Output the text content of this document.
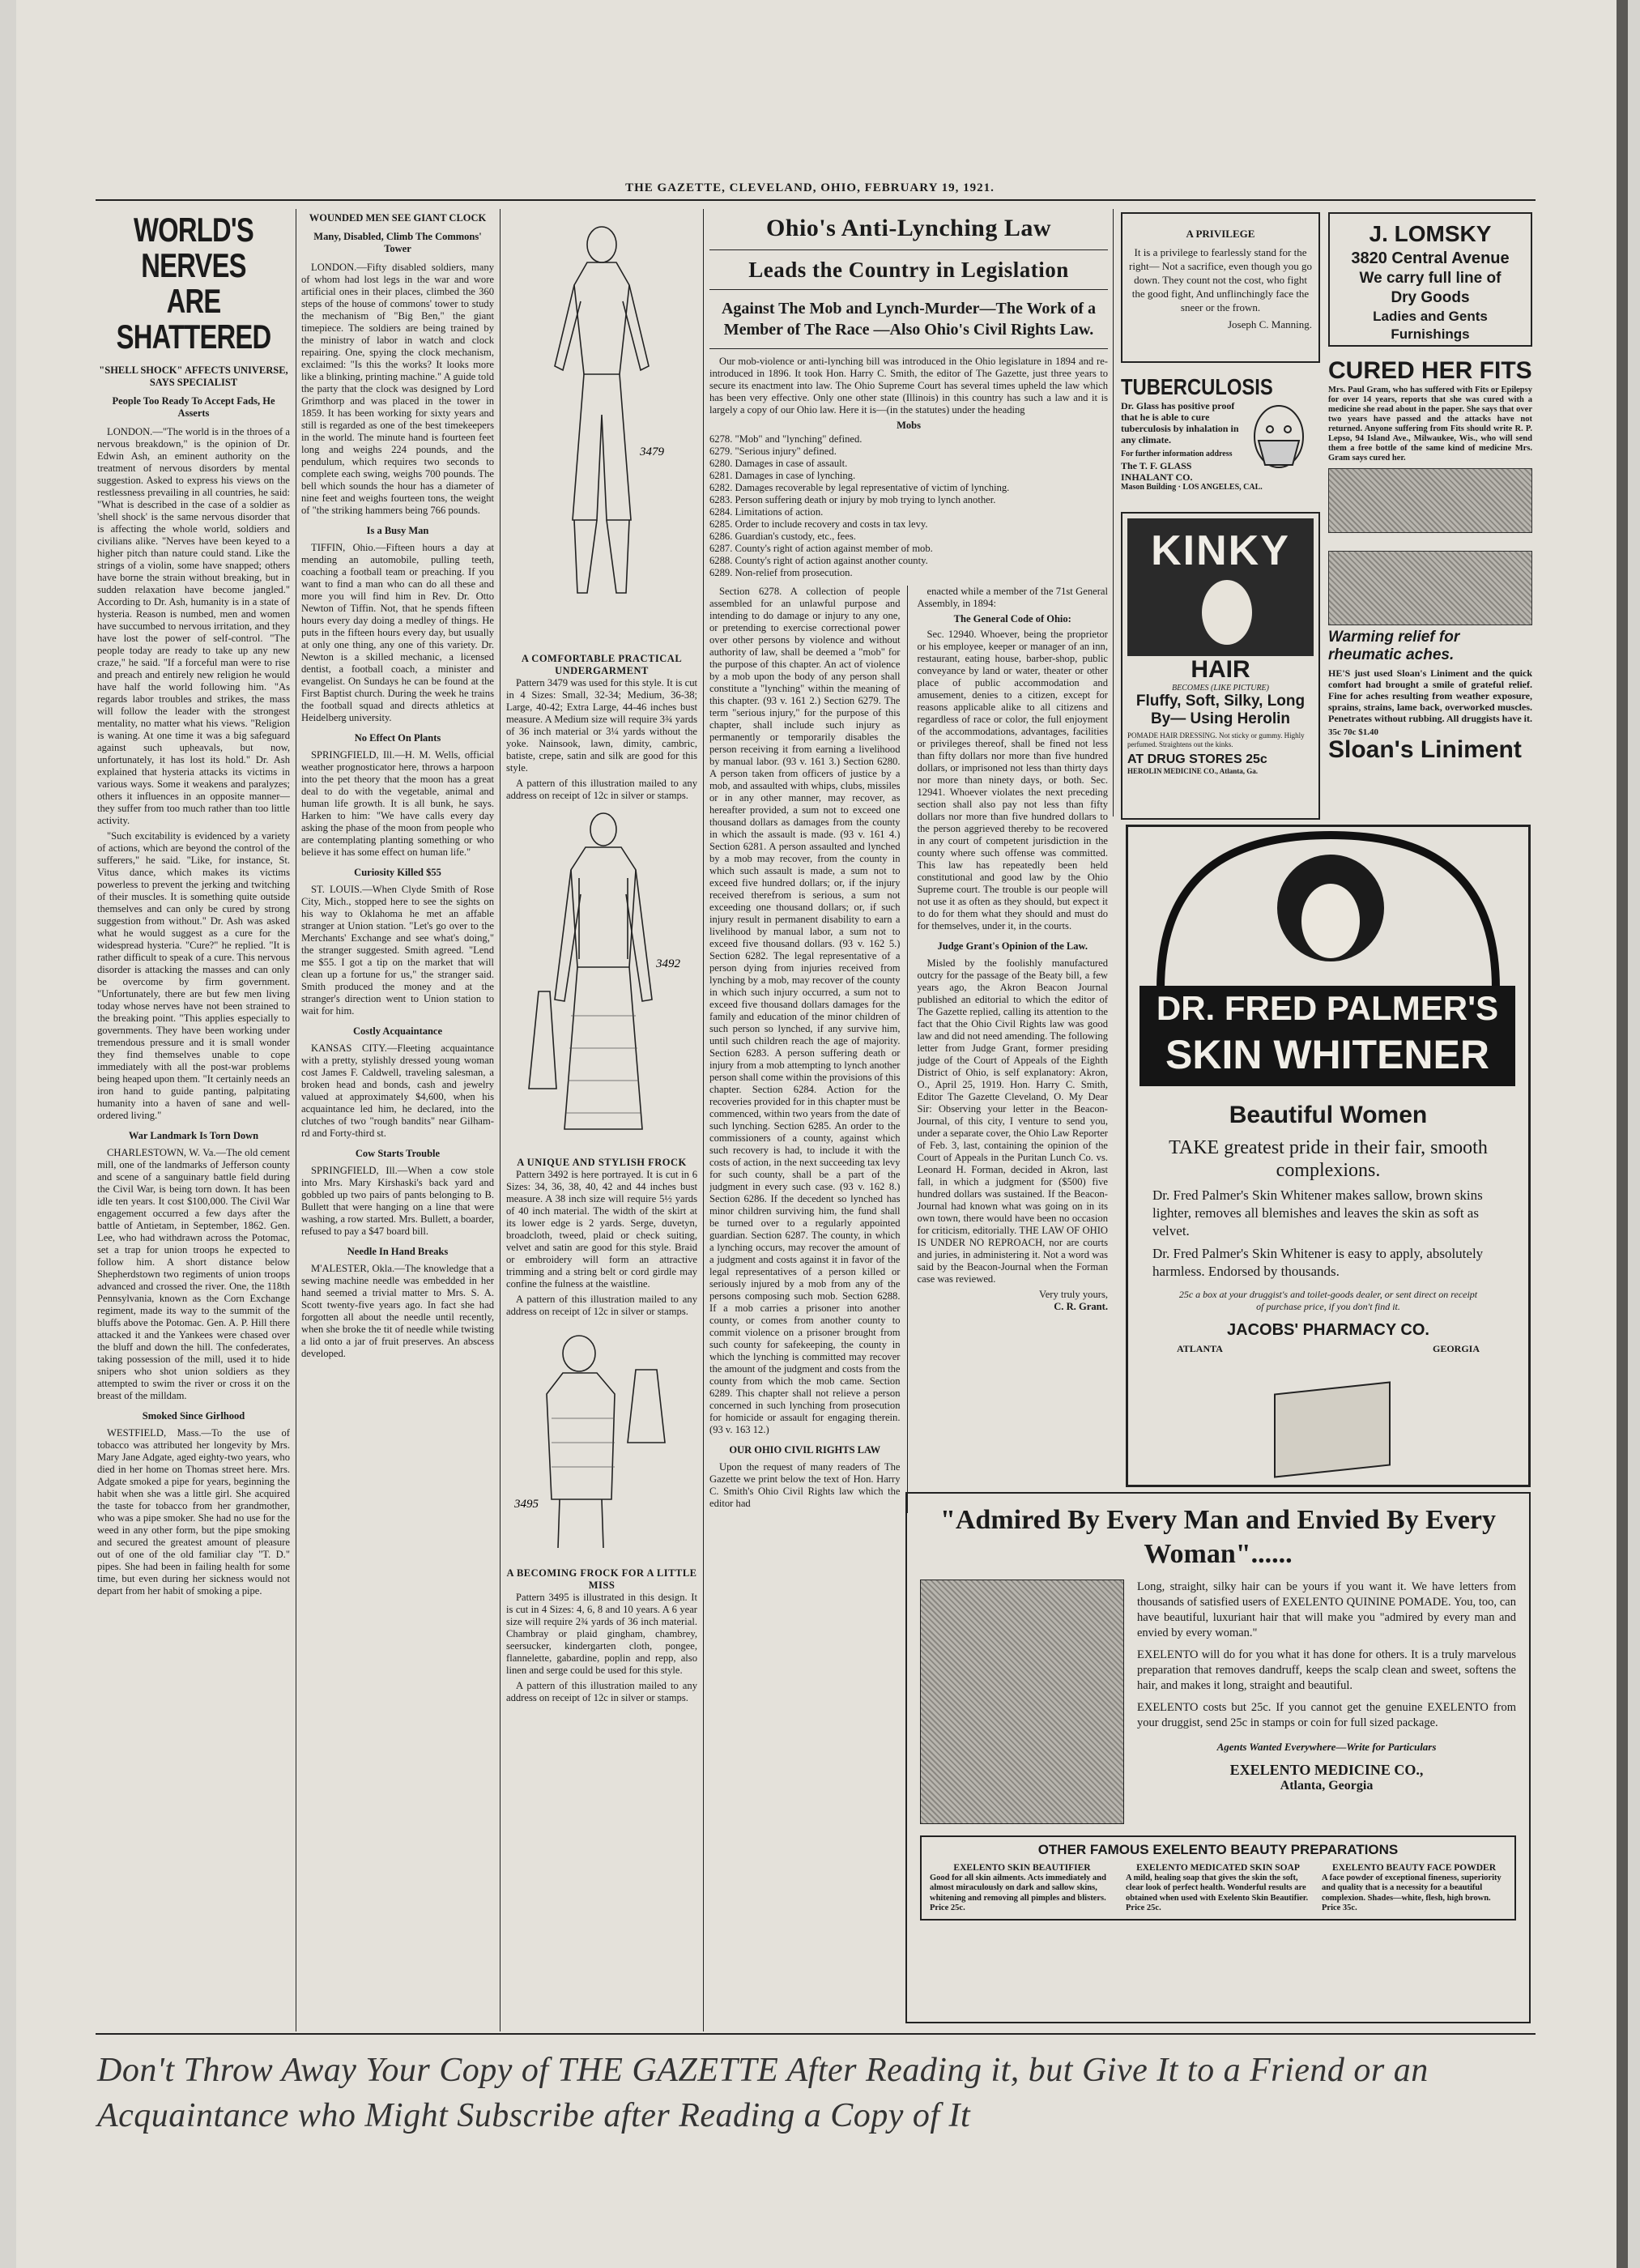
THE GAZETTE, CLEVELAND, OHIO, FEBRUARY 19, 1921.
WORLD'S NERVES
ARE SHATTERED
"SHELL SHOCK" AFFECTS UNIVERSE, SAYS SPECIALIST
People Too Ready To Accept Fads, He Asserts

LONDON.—"The world is in the throes of a nervous breakdown," is the opinion of Dr. Edwin Ash, an eminent authority on the treatment of nervous disorders by mental suggestion. Asked to express his views on the restlessness prevailing in all countries, he said: "What is described in the case of a soldier as 'shell shock' is the same nervous disorder that is affecting the whole world, soldiers and civilians alike. "Nerves have been keyed to a higher pitch than nature could stand. Like the strings of a violin, some have snapped; others have borne the strain without breaking, but in sudden relaxation have become jangled." According to Dr. Ash, humanity is in a state of hysteria. Reason is numbed, men and women have succumbed to nervous irritation, and they have lost the power of self-control. "The people today are ready to take up any new craze," he said. "If a forceful man were to rise and preach and entirely new religion he would have half the world following him. "As regards labor troubles and strikes, the mass will follow the leader with the strongest mentality, no matter what his views. "Religion is waning. At one time it was a big safeguard against such upheavals, but now, unfortunately, it has lost its hold." Dr. Ash explained that hysteria attacks its victims in various ways. Some it weakens and paralyzes; others it influences in an opposite manner—they suffer from too much rather than too little activity.

"Such excitability is evidenced by a variety of actions, which are beyond the control of the sufferers," he said. "Like, for instance, St. Vitus dance, which makes its victims powerless to prevent the jerking and twitching of their muscles. It is something quite outside themselves and can only be cured by strong suggestion from without." Dr. Ash was asked what he would suggest as a cure for the widespread hysteria. "Cure?" he replied. "It is rather difficult to speak of a cure. This nervous disorder is attacking the masses and can only be overcome by firm government. "Unfortunately, there are but few men living today whose nerves have not been strained to the breaking point. "This applies especially to governments. They have been working under tremendous pressure and it is small wonder they find themselves unable to cope immediately with all the post-war problems being heaped upon them. "It certainly needs an iron hand to guide panting, palpitating humanity into a haven of sane and well-ordered living."

War Landmark Is Torn Down

CHARLESTOWN, W. Va.—The old cement mill, one of the landmarks of Jefferson county and scene of a sanguinary battle field during the Civil War, is being torn down. It has been idle ten years. It cost $100,000. The Civil War engagement occurred a few days after the battle of Antietam, in September, 1862. Gen. Lee, who had withdrawn across the Potomac, set a trap for union troops he expected to follow him. A short distance below Shepherdstown two regiments of union troops advanced and crossed the river. One, the 118th Pennsylvania, known as the Corn Exchange regiment, made its way to the summit of the bluffs above the Potomac. Gen. A. P. Hill there attacked it and the Yankees were chased over the bluff and down the hill. The confederates, taking possession of the mill, used it to hide snipers who shot union soldiers as they attempted to swim the river or cross it on the breast of the milldam.

Smoked Since Girlhood

WESTFIELD, Mass.—To the use of tobacco was attributed her longevity by Mrs. Mary Jane Adgate, aged eighty-two years, who died in her home on Thomas street here. Mrs. Adgate smoked a pipe for years, beginning the habit when she was a little girl. She acquired the taste for tobacco from her grandmother, who was a pipe smoker. She had no use for the weed in any other form, but the pipe smoking and secured the greatest amount of pleasure out of one of the old familiar clay "T. D." pipes. She had been in failing health for some time, but even during her sickness would not depart from her habit of smoking a pipe.

WOUNDED MEN SEE GIANT CLOCK
Many, Disabled, Climb The Commons' Tower

LONDON.—Fifty disabled soldiers, many of whom had lost legs in the war and wore artificial ones in their places, climbed the 360 steps of the house of commons' tower to study the mechanism of "Big Ben," the giant timepiece. The soldiers are being trained by the ministry of labor in watch and clock repairing. One, spying the clock mechanism, exclaimed: "Is this the works? It looks more like a blinking, printing machine." A guide told the party that the clock was designed by Lord Grimthorp and was placed in the tower in 1859. It has been working for sixty years and still is regarded as one of the best timekeepers in the world. The minute hand is fourteen feet long and weighs 224 pounds, and the pendulum, which requires two seconds to complete each swing, weighs 700 pounds. The bell which sounds the hour has a diameter of nine feet and weighs fourteen tons, the weight of "the striking hammers being 766 pounds.

Is a Busy Man

TIFFIN, Ohio.—Fifteen hours a day at mending an automobile, pulling teeth, coaching a football team or preaching. If you want to find a man who can do all these and more you will find him in Rev. Dr. Otto Newton of Tiffin. Not, that he spends fifteen hours every day doing a medley of things. He puts in the fifteen hours every day, but usually at only one thing, any one of this variety. Dr. Newton is a skilled mechanic, a licensed dentist, a football coach, a minister and evangelist. On Sundays he can be found at the First Baptist church. During the week he trains the football squad and directs athletics at Heidelberg university.

No Effect On Plants

SPRINGFIELD, Ill.—H. M. Wells, official weather prognosticator here, throws a harpoon into the pet theory that the moon has a great deal to do with the vegetable, animal and human life growth. It is all bunk, he says. Harken to him: "We have calls every day asking the phase of the moon from people who are contemplating planting something or who believe it has some effect on human life."

Curiosity Killed $55

ST. LOUIS.—When Clyde Smith of Rose City, Mich., stopped here to see the sights on his way to Oklahoma he met an affable stranger at Union station. "Let's go over to the Merchants' Exchange and see what's doing," the stranger suggested. Smith agreed. "Lend me $55. I got a tip on the market that will clean up a fortune for us," the stranger said. Smith produced the money and at the stranger's direction went to Union station to wait for him.

Costly Acquaintance

KANSAS CITY.—Fleeting acquaintance with a pretty, stylishly dressed young woman cost James F. Caldwell, traveling salesman, a broken head and bonds, cash and jewelry valued at approximately $4,600, when his acquaintance led him, he declared, into the clutches of two "rough bandits" near Gilham-rd and Forty-third st.

Cow Starts Trouble

SPRINGFIELD, Ill.—When a cow stole into Mrs. Mary Kirshaski's back yard and gobbled up two pairs of pants belonging to B. Bullett that were hanging on a line that were washing, a row started. Mrs. Bullett, a boarder, refused to pay a $47 board bill.

Needle In Hand Breaks

M'ALESTER, Okla.—The knowledge that a sewing machine needle was embedded in her hand seemed a trivial matter to Mrs. S. A. Scott twenty-five years ago. In fact she had forgotten all about the needle until recently, when she broke the tit of needle while twisting a lid onto a jar of fruit preserves. An abscess developed.

3479
A COMFORTABLE PRACTICAL UNDERGARMENT

Pattern 3479 was used for this style. It is cut in 4 Sizes: Small, 32-34; Medium, 36-38; Large, 40-42; Extra Large, 44-46 inches bust measure. A Medium size will require 3¾ yards of 36 inch material or 3¼ yards without the yoke. Nainsook, lawn, dimity, cambric, batiste, crepe, satin and silk are good for this style.

A pattern of this illustration mailed to any address on receipt of 12c in silver or stamps.

3492
A UNIQUE AND STYLISH FROCK

Pattern 3492 is here portrayed. It is cut in 6 Sizes: 34, 36, 38, 40, 42 and 44 inches bust measure. A 38 inch size will require 5½ yards of 40 inch material. The width of the skirt at its lower edge is 2 yards. Serge, duvetyn, broadcloth, tweed, plaid or check suiting, velvet and satin are good for this style. Braid or embroidery will form an attractive trimming and a string belt or cord girdle may confine the fulness at the waistline.

A pattern of this illustration mailed to any address on receipt of 12c in silver or stamps.

3495
A BECOMING FROCK FOR A LITTLE MISS

Pattern 3495 is illustrated in this design. It is cut in 4 Sizes: 4, 6, 8 and 10 years. A 6 year size will require 2¾ yards of 36 inch material. Chambray or plaid gingham, chambrey, seersucker, kindergarten cloth, pongee, flannelette, gabardine, poplin and repp, also linen and serge could be used for this style.

A pattern of this illustration mailed to any address on receipt of 12c in silver or stamps.

Ohio's Anti-Lynching Law
Leads the Country in Legislation
Against The Mob and Lynch-Murder—The Work of a Member of The Race —Also Ohio's Civil Rights Law.

Our mob-violence or anti-lynching bill was introduced in the Ohio legislature in 1894 and re-introduced in 1896. It took Hon. Harry C. Smith, the editor of The Gazette, just three years to secure its enactment into law. The Ohio Supreme Court has several times upheld the law which has been very effective. Only one other state (Illinois) in this country has such a law and it is largely a copy of our Ohio law. Here it is—(in the statutes) under the heading

Mobs
6278. "Mob" and "lynching" defined.
6279. "Serious injury" defined.
6280. Damages in case of assault.
6281. Damages in case of lynching.
6282. Damages recoverable by legal representative of victim of lynching.
6283. Person suffering death or injury by mob trying to lynch another.
6284. Limitations of action.
6285. Order to include recovery and costs in tax levy.
6286. Guardian's custody, etc., fees.
6287. County's right of action against member of mob.
6288. County's right of action against another county.
6289. Non-relief from prosecution.

Section 6278. A collection of people assembled for an unlawful purpose and intending to do damage or injury to any one, or pretending to exercise correctional power over other persons by violence and without authority of law, shall be deemed a "mob" for the purpose of this chapter. An act of violence by a mob upon the body of any person shall constitute a "lynching" within the meaning of this chapter. (93 v. 161 2.) Section 6279. The term "serious injury," for the purpose of this chapter, shall include such injury as permanently or temporarily disables the person receiving it from earning a livelihood by manual labor. (93 v. 161 3.) Section 6280. A person taken from officers of justice by a mob, and assaulted with whips, clubs, missiles or in any other manner, may recover, as hereafter provided, a sum not to exceed one thousand dollars as damages from the county in which the assault is made. (93 v. 161 4.) Section 6281. A person assaulted and lynched by a mob may recover, from the county in which such assault is made, a sum not to exceed five hundred dollars; or, if the injury received therefrom is serious, a sum not exceeding one thousand dollars; or, if such injury result in permanent disability to earn a livelihood by manual labor, a sum not to exceed five thousand dollars. (93 v. 162 5.) Section 6282. The legal representative of a person dying from injuries received from lynching by a mob, may recover of the county in which such injury occurred, a sum not to exceed five thousand dollars damages for the family and education of the minor children of such person so lynched, if any survive him, until such children reach the age of majority. Section 6283. A person suffering death or injury from a mob attempting to lynch another person shall come within the provisions of this chapter. Section 6284. Action for the recoveries provided for in this chapter must be commenced, within two years from the date of such lynching. Section 6285. An order to the commissioners of a county, against which such recovery is had, to include it with the costs of action, in the next succeeding tax levy for such county, shall be a part of the judgment in every such case. (93 v. 162 8.) Section 6286. If the decedent so lynched has minor children surviving him, the fund shall be turned over to a regularly appointed guardian. Section 6287. The county, in which a lynching occurs, may recover the amount of a judgment and costs against it in favor of the legal representatives of a person killed or seriously injured by a mob from any of the persons composing such mob. Section 6288. If a mob carries a prisoner into another county, or comes from another county to commit violence on a prisoner brought from such county for safekeeping, the county in which the lynching is committed may recover the amount of the judgment and costs from the county from which the mob came. Section 6289. This chapter shall not relieve a person concerned in such lynching from prosecution for homicide or assault for engaging therein. (93 v. 163 12.)

OUR OHIO CIVIL RIGHTS LAW

Upon the request of many readers of The Gazette we print below the text of Hon. Harry C. Smith's Ohio Civil Rights law which the editor had

enacted while a member of the 71st General Assembly, in 1894:

The General Code of Ohio:

Sec. 12940. Whoever, being the proprietor or his employee, keeper or manager of an inn, restaurant, eating house, barber-shop, public conveyance by land or water, theater or other place of public accommodation and amusement, denies to a citizen, except for reasons applicable alike to all citizens and regardless of race or color, the full enjoyment of the accommodations, advantages, facilities or privileges thereof, shall be fined not less than fifty dollars nor more than five hundred dollars, or imprisoned not less than thirty days nor more than ninety days, or both. Sec. 12941. Whoever violates the next preceding section shall also pay not less than fifty dollars nor more than five hundred dollars to the person aggrieved thereby to be recovered in any court of competent jurisdiction in the county where such offense was committed. This law has repeatedly been held constitutional and good law by the Ohio Supreme court. The trouble is our people will not use it as often as they should, but expect it to do for them what they should and must do for themselves, under it, in the courts.

Judge Grant's Opinion of the Law.

Misled by the foolishly manufactured outcry for the passage of the Beaty bill, a few years ago, the Akron Beacon Journal published an editorial to which the editor of The Gazette replied, calling its attention to the fact that the Ohio Civil Rights law was good law and did not need amending. The following letter from Judge Grant, former presiding judge of the Court of Appeals of the Eighth District of Ohio, is self explanatory: Akron, O., April 25, 1919. Hon. Harry C. Smith, Editor The Gazette Cleveland, O. My Dear Sir: Observing your letter in the Beacon-Journal, of this city, I venture to send you, under a separate cover, the Ohio Law Reporter of Feb. 3, last, containing the opinion of the Court of Appeals in the Puritan Lunch Co. vs. Leonard H. Forman, decided in Akron, last fall, in which a judgment for ($500) five hundred dollars was sustained. If the Beacon-Journal had known what was going on in its own town, there would have been no occasion for criticism, editorially. THE LAW OF OHIO IS UNDER NO REPROACH, nor are courts and juries, in administering it. Not a word was said by the Beacon-Journal when the Forman case was reviewed.

Very truly yours,
C. R. Grant.
A PRIVILEGE
It is a privilege to fearlessly stand for the right— Not a sacrifice, even though you go down. They count not the cost, who fight the good fight, And unflinchingly face the sneer or the frown.
Joseph C. Manning.
J. LOMSKY
3820 Central Avenue
We carry full line of
Dry Goods
Ladies and Gents Furnishings
TUBERCULOSIS
Dr. Glass has positive proof that he is able to cure tuberculosis by inhalation in any climate.
For further information address
The T. F. GLASS INHALANT CO.
Mason Building · LOS ANGELES, CAL.
CURED HER FITS
Mrs. Paul Gram, who has suffered with Fits or Epilepsy for over 14 years, reports that she was cured with a medicine she read about in the paper. She says that over two years have passed and the attacks have not returned. Anyone suffering from Fits should write R. P. Lepso, 94 Island Ave., Milwaukee, Wis., who will send them a free bottle of the same kind of medicine Mrs. Gram says cured her.
KINKY
HAIR
BECOMES (LIKE PICTURE)
Fluffy, Soft, Silky, Long By— Using Herolin
POMADE HAIR DRESSING. Not sticky or gummy. Highly perfumed. Straightens out the kinks.
AT DRUG STORES 25c
HEROLIN MEDICINE CO., Atlanta, Ga.
Warming relief for rheumatic aches.
HE'S just used Sloan's Liniment and the quick comfort had brought a smile of grateful relief. Fine for aches resulting from weather exposure, sprains, strains, lame back, overworked muscles. Penetrates without rubbing. All druggists have it.
35c 70c $1.40
Sloan's Liniment
DR. FRED PALMER'S
SKIN WHITENER
Beautiful Women
TAKE greatest pride in their fair, smooth complexions.
Dr. Fred Palmer's Skin Whitener makes sallow, brown skins lighter, removes all blemishes and leaves the skin as soft as velvet.
Dr. Fred Palmer's Skin Whitener is easy to apply, absolutely harmless. Endorsed by thousands.
25c a box at your druggist's and toilet-goods dealer, or sent direct on receipt of purchase price, if you don't find it.
JACOBS' PHARMACY CO.
ATLANTA	GEORGIA
"Admired By Every Man and Envied By Every Woman"......

Long, straight, silky hair can be yours if you want it. We have letters from thousands of satisfied users of EXELENTO QUININE POMADE. You, too, can have beautiful, luxuriant hair that will make you "admired by every man and envied by every woman."

EXELENTO will do for you what it has done for others. It is a truly marvelous preparation that removes dandruff, keeps the scalp clean and sweet, softens the hair, and makes it long, straight and beautiful.

EXELENTO costs but 25c. If you cannot get the genuine EXELENTO from your druggist, send 25c in stamps or coin for full sized package.

Agents Wanted Everywhere—Write for Particulars
EXELENTO MEDICINE CO.,
Atlanta, Georgia
OTHER FAMOUS EXELENTO BEAUTY PREPARATIONS
EXELENTO SKIN BEAUTIFIER
Good for all skin ailments. Acts immediately and almost miraculously on dark and sallow skins, whitening and removing all pimples and blisters. Price 25c.
EXELENTO MEDICATED SKIN SOAP
A mild, healing soap that gives the skin the soft, clear look of perfect health. Wonderful results are obtained when used with Exelento Skin Beautifier. Price 25c.
EXELENTO BEAUTY FACE POWDER
A face powder of exceptional fineness, superiority and quality that is a necessity for a beautiful complexion. Shades—white, flesh, high brown. Price 35c.
Don't Throw Away Your Copy of THE GAZETTE After Reading it, but Give It to a Friend or an Acquaintance who Might Subscribe after Reading a Copy of It
